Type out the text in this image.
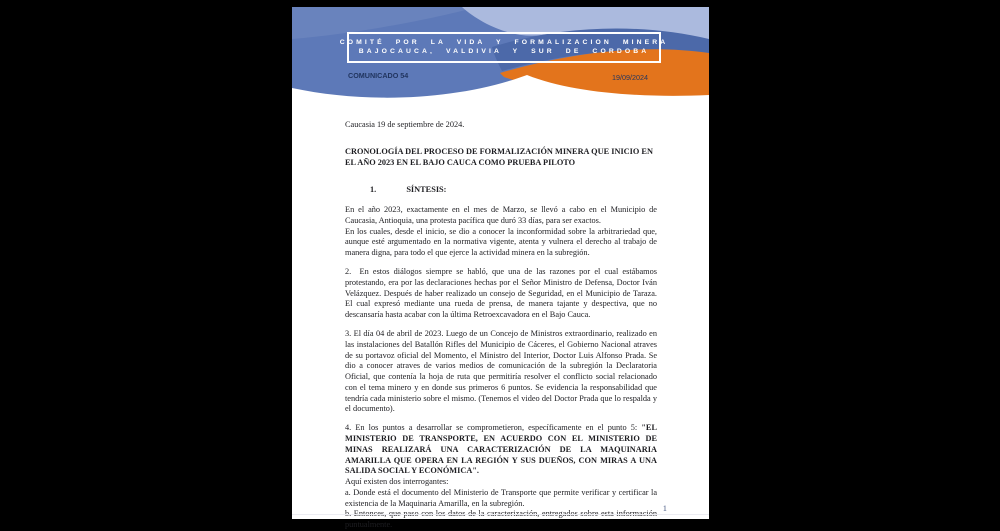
COMITÉ POR LA VIDA Y FORMALIZACION MINERA
BAJOCAUCA, VALDIVIA Y SUR DE CORDOBA
COMUNICADO 54	19/09/2024
Caucasia 19 de septiembre de 2024.
CRONOLOGÍA DEL PROCESO DE FORMALIZACIÓN MINERA QUE INICIO EN EL AÑO 2023 EN EL BAJO CAUCA COMO PRUEBA PILOTO
1.	SÍNTESIS:
En el año 2023, exactamente en el mes de Marzo, se llevó a cabo en el Municipio de Caucasia, Antioquia, una protesta pacífica que duró 33 días, para ser exactos.
En los cuales, desde el inicio, se dio a conocer la inconformidad sobre la arbitrariedad que, aunque esté argumentado en la normativa vigente, atenta y vulnera el derecho al trabajo de manera digna, para todo el que ejerce la actividad minera en la subregión.
2.  En estos diálogos siempre se habló, que una de las razones por el cual estábamos protestando, era por las declaraciones hechas por el Señor Ministro de Defensa, Doctor Iván Velázquez. Después de haber realizado un consejo de Seguridad, en el Municipio de Taraza. El cual expresó mediante una rueda de prensa, de manera tajante y despectiva, que no descansaría hasta acabar con la última Retroexcavadora en el Bajo Cauca.
3. El día 04 de abril de 2023. Luego de un Concejo de Ministros extraordinario, realizado en las instalaciones del Batallón Rifles del Municipio de Cáceres, el Gobierno Nacional atraves de su portavoz oficial del Momento, el Ministro del Interior, Doctor Luis Alfonso Prada. Se dio a conocer atraves de varios medios de comunicación de la subregión la Declaratoria Oficial, que contenía la hoja de ruta que permitiría resolver el conflicto social relacionado con el tema minero y en donde sus primeros 6 puntos. Se evidencia la responsabilidad que tendría cada ministerio sobre el mismo. (Tenemos el video del Doctor Prada que lo respalda y el documento).
4. En los puntos a desarrollar se comprometieron, específicamente en el punto 5: "EL MINISTERIO DE TRANSPORTE, EN ACUERDO CON EL MINISTERIO DE MINAS REALIZARÁ UNA CARACTERIZACIÓN DE LA MAQUINARIA AMARILLA QUE OPERA EN LA REGIÓN Y SUS DUEÑOS, CON MIRAS A UNA SALIDA SOCIAL Y ECONÓMICA".
Aquí existen dos interrogantes:
a. Donde está el documento del Ministerio de Transporte que permite verificar y certificar la existencia de la Maquinaria Amarilla, en la subregión.
b. Entonces, que paso con los datos de la caracterización, entregados sobre esta información puntualmente.
1
